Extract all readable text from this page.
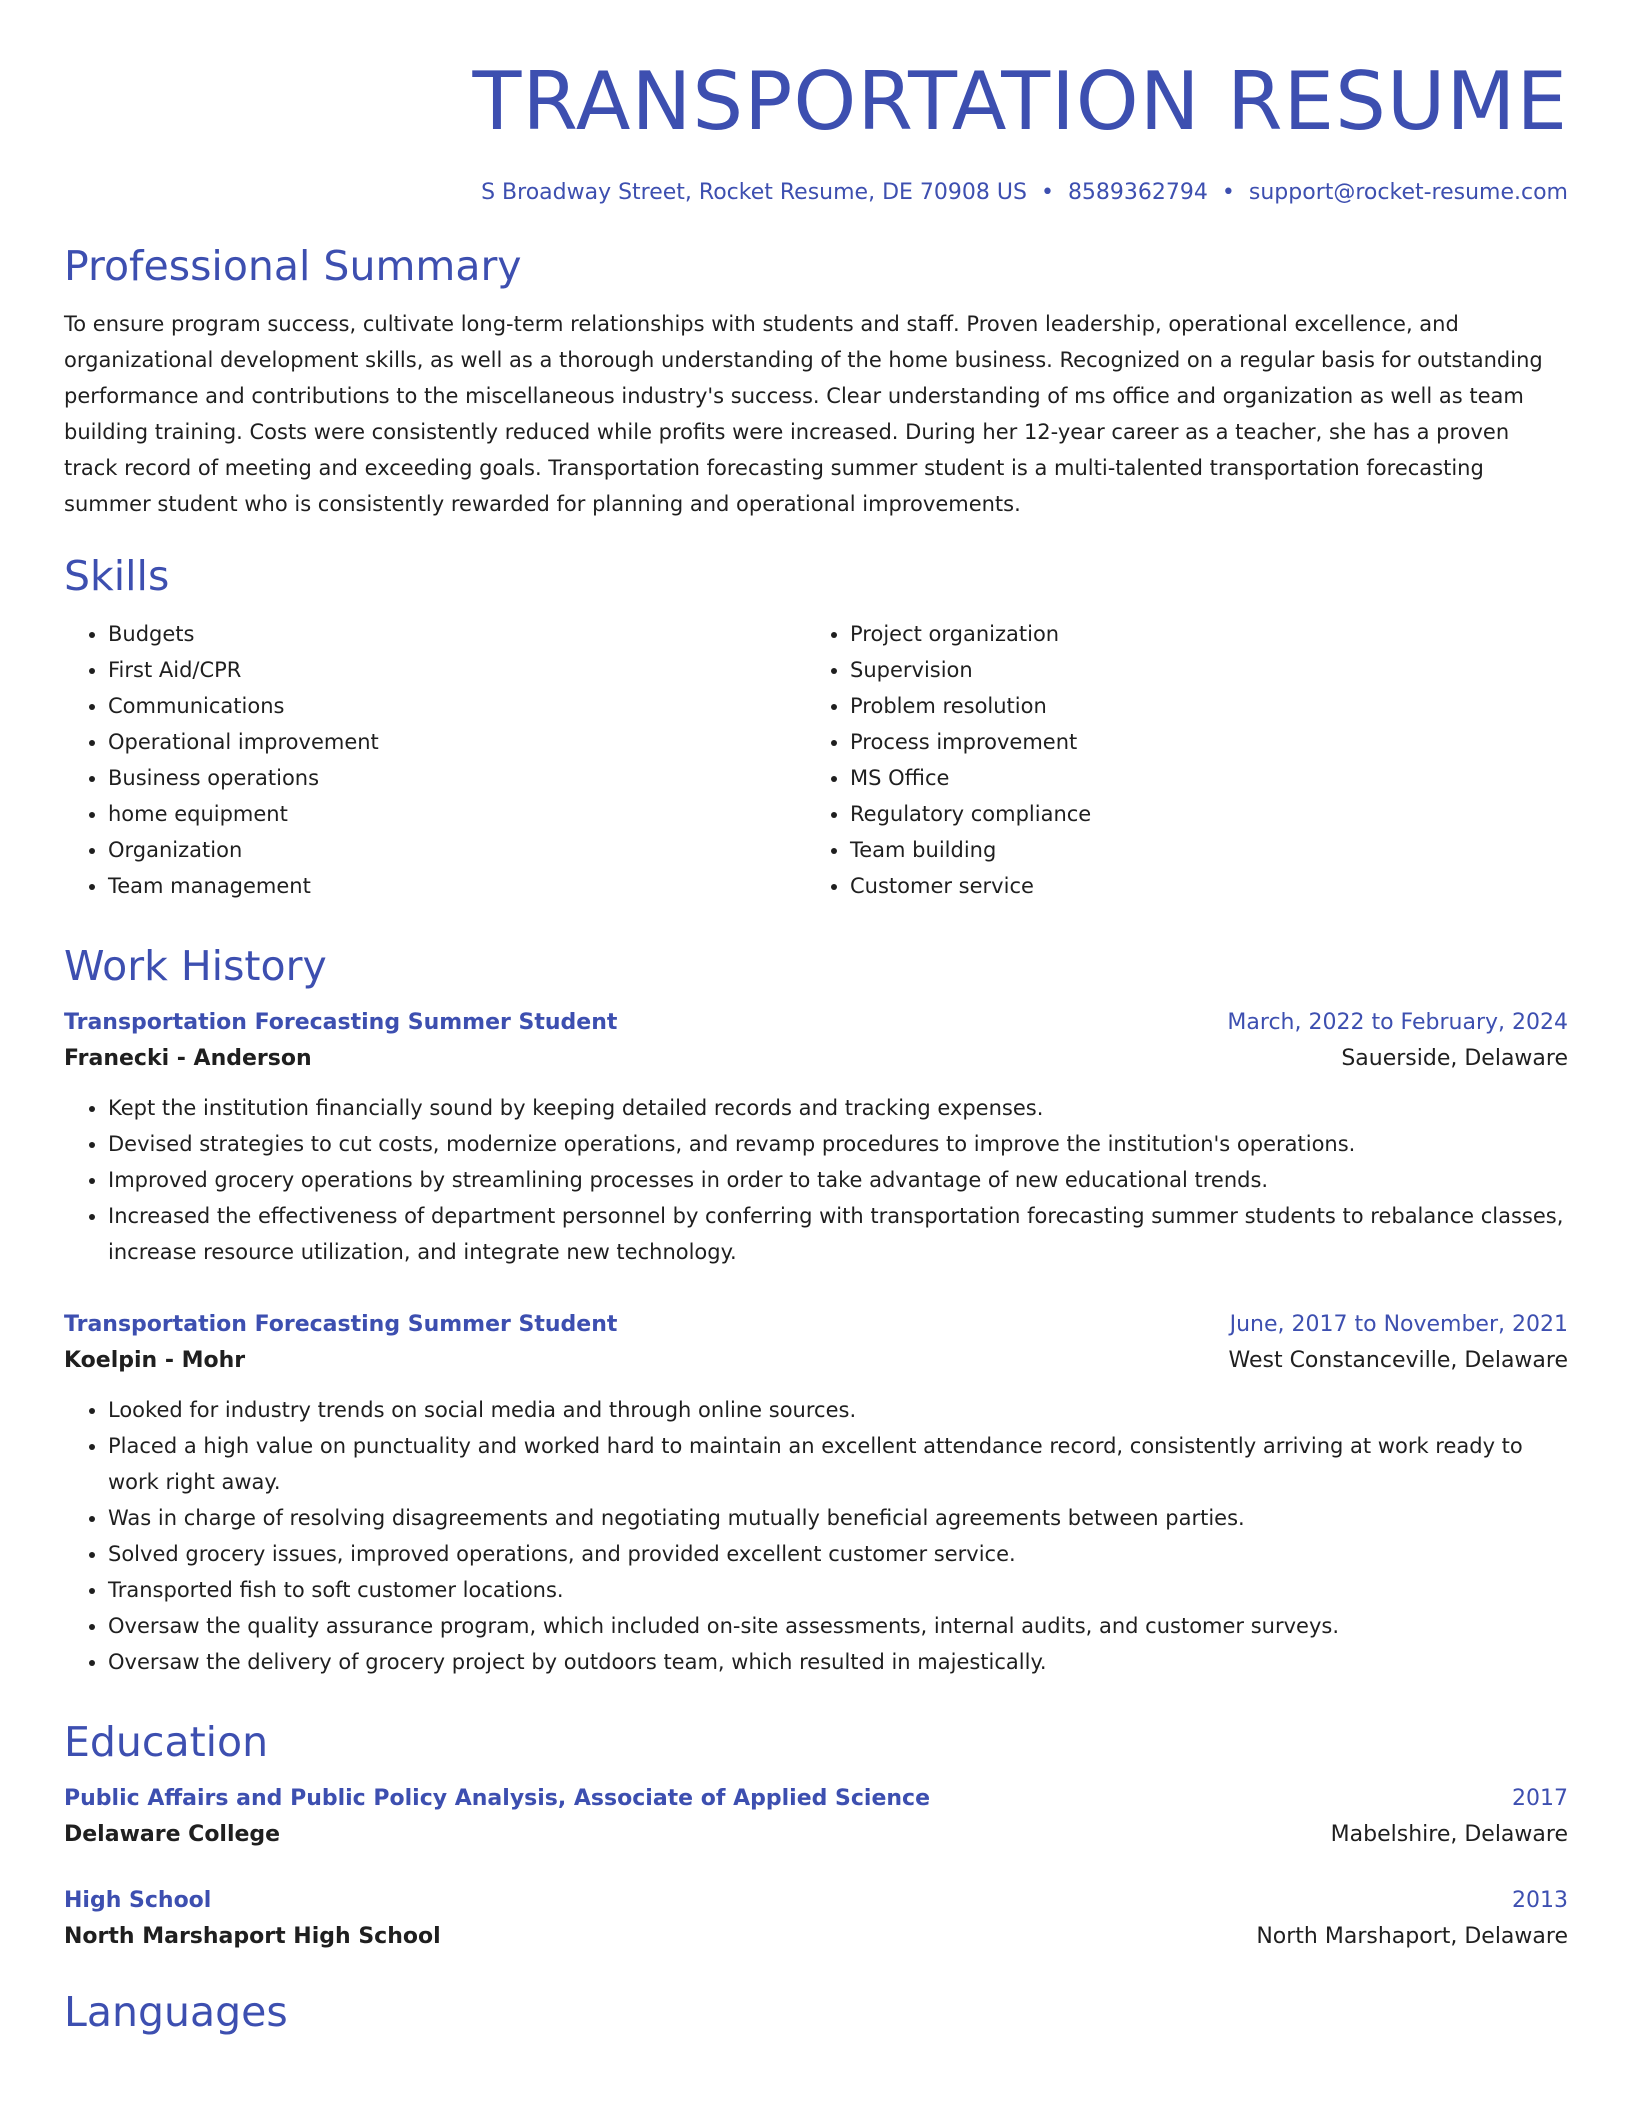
TRANSPORTATION RESUME
S Broadway Street, Rocket Resume, DE 70908 US • 8589362794 • support@rocket-resume.com
Professional Summary
To ensure program success, cultivate long-term relationships with students and staff. Proven leadership, operational excellence, and organizational development skills, as well as a thorough understanding of the home business. Recognized on a regular basis for outstanding performance and contributions to the miscellaneous industry's success. Clear understanding of ms office and organization as well as team building training. Costs were consistently reduced while profits were increased. During her 12-year career as a teacher, she has a proven track record of meeting and exceeding goals. Transportation forecasting summer student is a multi-talented transportation forecasting summer student who is consistently rewarded for planning and operational improvements.
Skills
• Budgets
• First Aid/CPR
• Communications
• Operational improvement
• Business operations
• home equipment
• Organization
• Team management
• Project organization
• Supervision
• Problem resolution
• Process improvement
• MS Office
• Regulatory compliance
• Team building
• Customer service
Work History
Transportation Forecasting Summer Student	March, 2022 to February, 2024
Franecki - Anderson	Sauerside, Delaware
• Kept the institution financially sound by keeping detailed records and tracking expenses.
• Devised strategies to cut costs, modernize operations, and revamp procedures to improve the institution's operations.
• Improved grocery operations by streamlining processes in order to take advantage of new educational trends.
• Increased the effectiveness of department personnel by conferring with transportation forecasting summer students to rebalance classes, increase resource utilization, and integrate new technology.
Transportation Forecasting Summer Student	June, 2017 to November, 2021
Koelpin - Mohr	West Constanceville, Delaware
• Looked for industry trends on social media and through online sources.
• Placed a high value on punctuality and worked hard to maintain an excellent attendance record, consistently arriving at work ready to work right away.
• Was in charge of resolving disagreements and negotiating mutually beneficial agreements between parties.
• Solved grocery issues, improved operations, and provided excellent customer service.
• Transported fish to soft customer locations.
• Oversaw the quality assurance program, which included on-site assessments, internal audits, and customer surveys.
• Oversaw the delivery of grocery project by outdoors team, which resulted in majestically.
Education
Public Affairs and Public Policy Analysis, Associate of Applied Science	2017
Delaware College	Mabelshire, Delaware
High School	2013
North Marshaport High School	North Marshaport, Delaware
Languages
